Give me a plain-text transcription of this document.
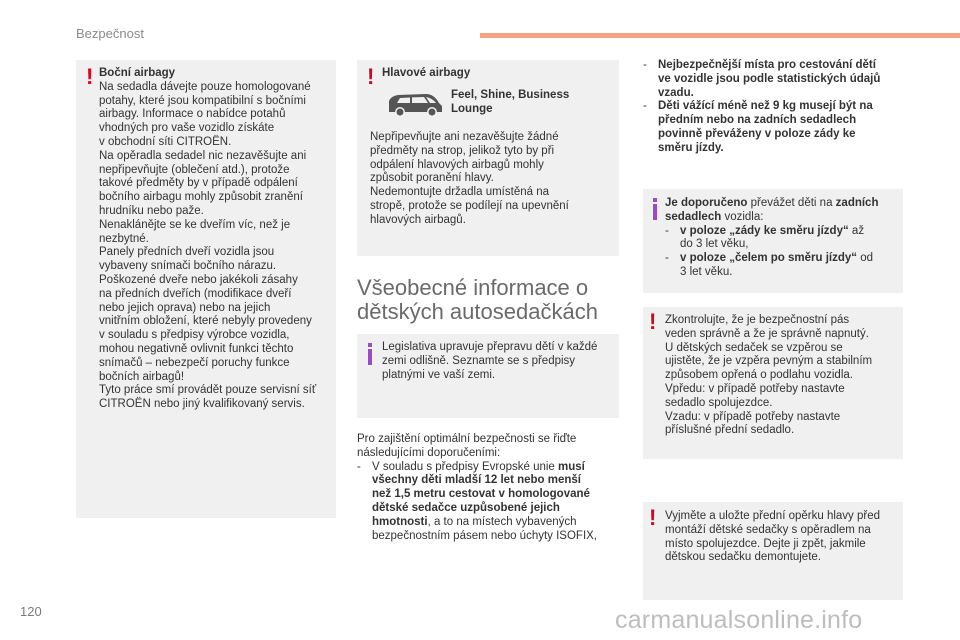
Bezpečnost
! Boční airbagy
Na sedadla dávejte pouze homologované
potahy, které jsou kompatibilní s bočními
airbagy. Informace o nabídce potahů
vhodných pro vaše vozidlo získáte
v obchodní síti CITROËN.
Na opěradla sedadel nic nezavěšujte ani
nepřipevňujte (oblečení atd.), protože
takové předměty by v případě odpálení
bočního airbagu mohly způsobit zranění
hrudníku nebo paže.
Nenaklánějte se ke dveřím víc, než je
nezbytné.
Panely předních dveří vozidla jsou
vybaveny snímači bočního nárazu.
Poškozené dveře nebo jakékoli zásahy
na předních dveřích (modifikace dveří
nebo jejich oprava) nebo na jejich
vnitřním obložení, které nebyly provedeny
v souladu s předpisy výrobce vozidla,
mohou negativně ovlivnit funkci těchto
snímačů – nebezpečí poruchy funkce
bočních airbagů!
Tyto práce smí provádět pouze servisní síť
CITROËN nebo jiný kvalifikovaný servis.
! Hlavové airbagy
Feel, Shine, Business
Lounge
Nepřipevňujte ani nezavěšujte žádné
předměty na strop, jelikož tyto by při
odpálení hlavových airbagů mohly
způsobit poranění hlavy.
Nedemontujte držadla umístěná na
stropě, protože se podílejí na upevnění
hlavových airbagů.
Všeobecné informace o
dětských autosedačkách
Legislativa upravuje přepravu dětí v každé
zemi odlišně. Seznamte se s předpisy
platnými ve vaší zemi.
Pro zajištění optimální bezpečnosti se řiďte
následujícími doporučeními:
- V souladu s předpisy Evropské unie musí
všechny děti mladší 12 let nebo menší
než 1,5 metru cestovat v homologované
dětské sedačce uzpůsobené jejich
hmotnosti, a to na místech vybavených
bezpečnostním pásem nebo úchyty ISOFIX,
- Nejbezpečnější místa pro cestování dětí
ve vozidle jsou podle statistických údajů
vzadu.
- Děti vážící méně než 9 kg musejí být na
předním nebo na zadních sedadlech
povinně převáženy v poloze zády ke
směru jízdy.
Je doporučeno převážet děti na zadních
sedadlech vozidla:
- v poloze „zády ke směru jízdy“ až
do 3 let věku,
- v poloze „čelem po směru jízdy“ od
3 let věku.
! Zkontrolujte, že je bezpečnostní pás
veden správně a že je správně napnutý.
U dětských sedaček se vzpěrou se
ujistěte, že je vzpěra pevným a stabilním
způsobem opřená o podlahu vozidla.
Vpředu: v případě potřeby nastavte
sedadlo spolujezdce.
Vzadu: v případě potřeby nastavte
příslušné přední sedadlo.
! Vyjměte a uložte přední opěrku hlavy před
montáží dětské sedačky s opěradlem na
místo spolujezdce. Dejte ji zpět, jakmile
dětskou sedačku demontujete.
120	carmanualsonline.info
